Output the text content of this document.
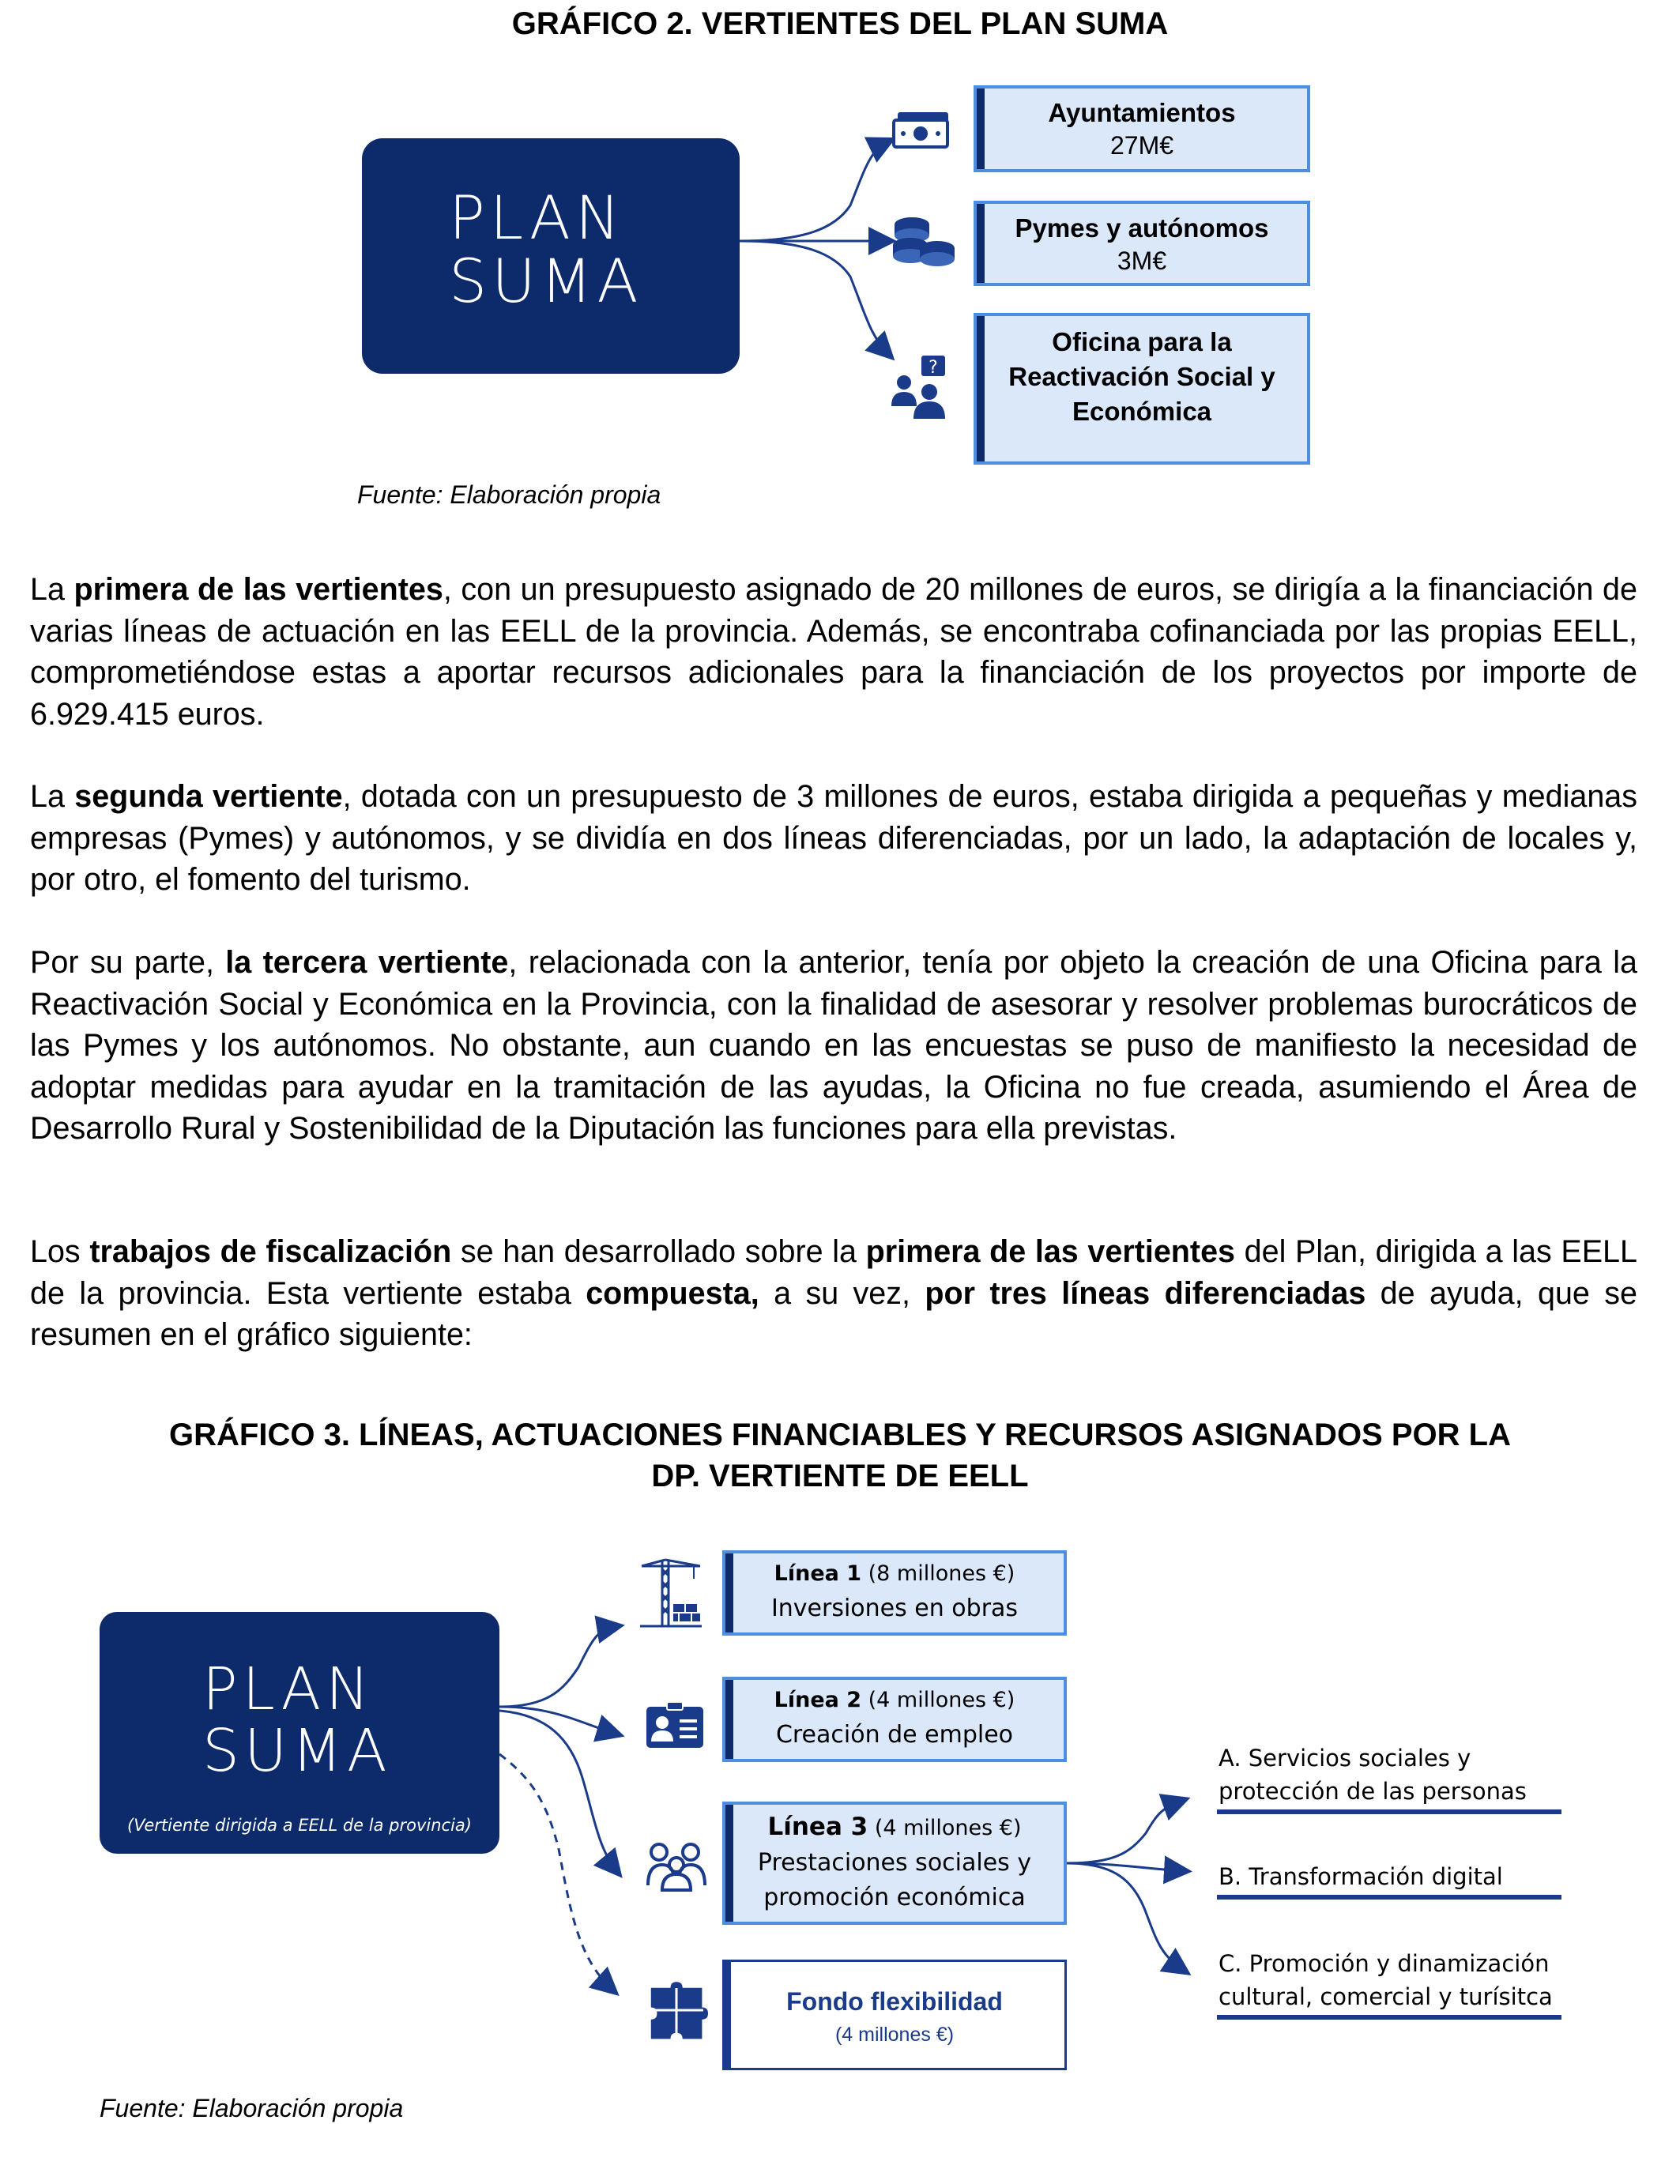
GRÁFICO 2. VERTIENTES DEL PLAN SUMA
PLAN
SUMA
?
Ayuntamientos
27M€
Pymes y autónomos
3M€
Oficina para la
Reactivación Social y
Económica
Fuente: Elaboración propia
La primera de las vertientes, con un presupuesto asignado de 20 millones de euros, se dirigía a la financiación de varias líneas de actuación en las EELL de la provincia. Además, se encontraba cofinanciada por las propias EELL, comprometiéndose estas a aportar recursos adicionales para la financiación de los proyectos por importe de 6.929.415 euros.
La segunda vertiente, dotada con un presupuesto de 3 millones de euros, estaba dirigida a pequeñas y medianas empresas (Pymes) y autónomos, y se dividía en dos líneas diferenciadas, por un lado, la adaptación de locales y, por otro, el fomento del turismo.
Por su parte, la tercera vertiente, relacionada con la anterior, tenía por objeto la creación de una Oficina para la Reactivación Social y Económica en la Provincia, con la finalidad de asesorar y resolver problemas burocráticos de las Pymes y los autónomos. No obstante, aun cuando en las encuestas se puso de manifiesto la necesidad de adoptar medidas para ayudar en la tramitación de las ayudas, la Oficina no fue creada, asumiendo el Área de Desarrollo Rural y Sostenibilidad de la Diputación las funciones para ella previstas.
Los trabajos de fiscalización se han desarrollado sobre la primera de las vertientes del Plan, dirigida a las EELL de la provincia. Esta vertiente estaba compuesta, a su vez, por tres líneas diferenciadas de ayuda, que se resumen en el gráfico siguiente:
GRÁFICO 3. LÍNEAS, ACTUACIONES FINANCIABLES Y RECURSOS ASIGNADOS POR LA
DP. VERTIENTE DE EELL
PLAN
SUMA
(Vertiente dirigida a EELL de la provincia)
Línea 1 (8 millones €)
Inversiones en obras
Línea 2 (4 millones €)
Creación de empleo
Línea 3 (4 millones €)
Prestaciones sociales y
promoción económica
Fondo flexibilidad
(4 millones €)
A. Servicios sociales y
protección de las personas
B. Transformación digital
C. Promoción y dinamización
cultural, comercial y turísitca
Fuente: Elaboración propia
